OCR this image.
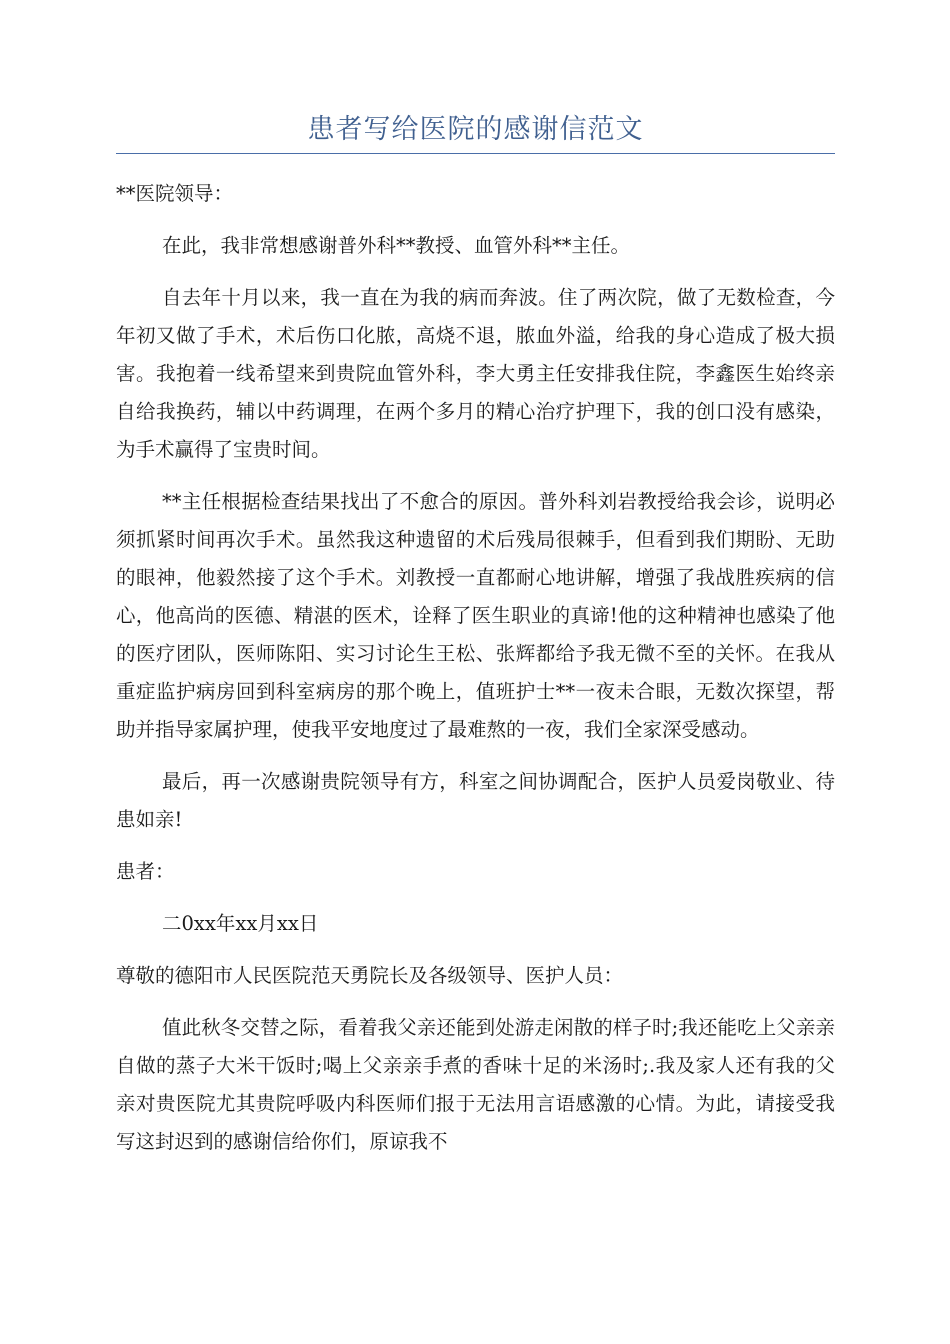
患者写给医院的感谢信范文

**医院领导：

在此，我非常想感谢普外科**教授、血管外科**主任。

自去年十月以来，我一直在为我的病而奔波。住了两次院，做了无数检查，今年初又做了手术，术后伤口化脓，高烧不退，脓血外溢，给我的身心造成了极大损害。我抱着一线希望来到贵院血管外科，李大勇主任安排我住院，李鑫医生始终亲自给我换药，辅以中药调理，在两个多月的精心治疗护理下，我的创口没有感染，为手术赢得了宝贵时间。

**主任根据检查结果找出了不愈合的原因。普外科刘岩教授给我会诊，说明必须抓紧时间再次手术。虽然我这种遗留的术后残局很棘手，但看到我们期盼、无助的眼神，他毅然接了这个手术。刘教授一直都耐心地讲解，增强了我战胜疾病的信心，他高尚的医德、精湛的医术，诠释了医生职业的真谛!他的这种精神也感染了他的医疗团队，医师陈阳、实习讨论生王松、张辉都给予我无微不至的关怀。在我从重症监护病房回到科室病房的那个晚上，值班护士**一夜未合眼，无数次探望，帮助并指导家属护理，使我平安地度过了最难熬的一夜，我们全家深受感动。

最后，再一次感谢贵院领导有方，科室之间协调配合，医护人员爱岗敬业、待患如亲!

患者：

二0xx年xx月xx日

尊敬的德阳市人民医院范天勇院长及各级领导、医护人员：

值此秋冬交替之际，看着我父亲还能到处游走闲散的样子时;我还能吃上父亲亲自做的蒸子大米干饭时;喝上父亲亲手煮的香味十足的米汤时;.我及家人还有我的父亲对贵医院尤其贵院呼吸内科医师们报于无法用言语感激的心情。为此，请接受我写这封迟到的感谢信给你们，原谅我不
